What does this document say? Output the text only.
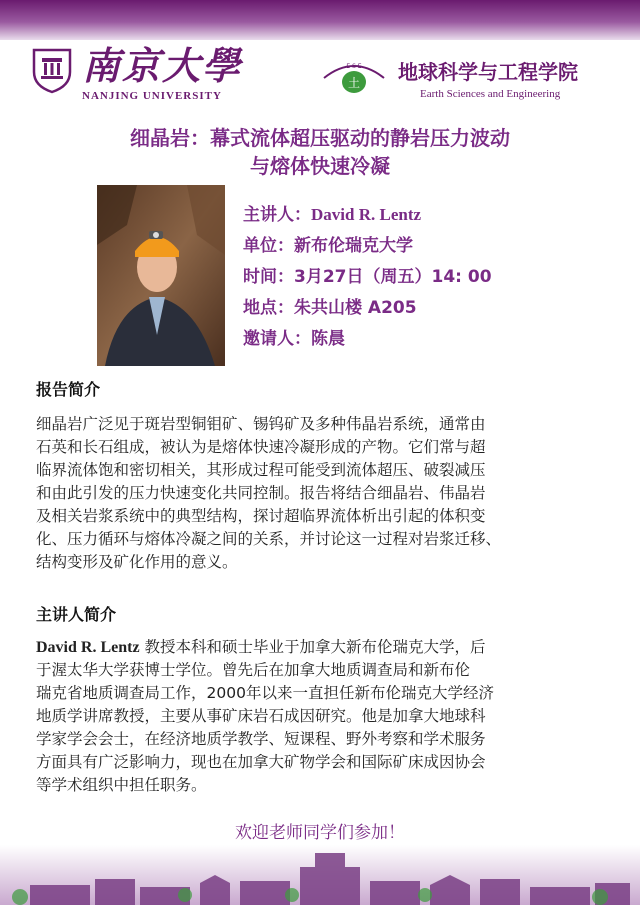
南京大學
NANJING UNIVERSITY
土
E S E 地球科学与工程学院
Earth Sciences and Engineering
细晶岩：幕式流体超压驱动的静岩压力波动
与熔体快速冷凝
主讲人：David R. Lentz
单位：新布伦瑞克大学
时间：3月27日（周五）14: 00
地点：朱共山楼 A205
邀请人：陈晨
报告简介
细晶岩广泛见于斑岩型铜钼矿、锡钨矿及多种伟晶岩系统，通常由
石英和长石组成，被认为是熔体快速冷凝形成的产物。它们常与超
临界流体饱和密切相关，其形成过程可能受到流体超压、破裂减压
和由此引发的压力快速变化共同控制。报告将结合细晶岩、伟晶岩
及相关岩浆系统中的典型结构，探讨超临界流体析出引起的体积变
化、压力循环与熔体冷凝之间的关系，并讨论这一过程对岩浆迁移、
结构变形及矿化作用的意义。
主讲人简介
David R. Lentz 教授本科和硕士毕业于加拿大新布伦瑞克大学，后
于渥太华大学获博士学位。曾先后在加拿大地质调查局和新布伦
瑞克省地质调查局工作，2000年以来一直担任新布伦瑞克大学经济
地质学讲席教授，主要从事矿床岩石成因研究。他是加拿大地球科
学家学会会士，在经济地质学教学、短课程、野外考察和学术服务
方面具有广泛影响力，现也在加拿大矿物学会和国际矿床成因协会
等学术组织中担任职务。
欢迎老师同学们参加！
